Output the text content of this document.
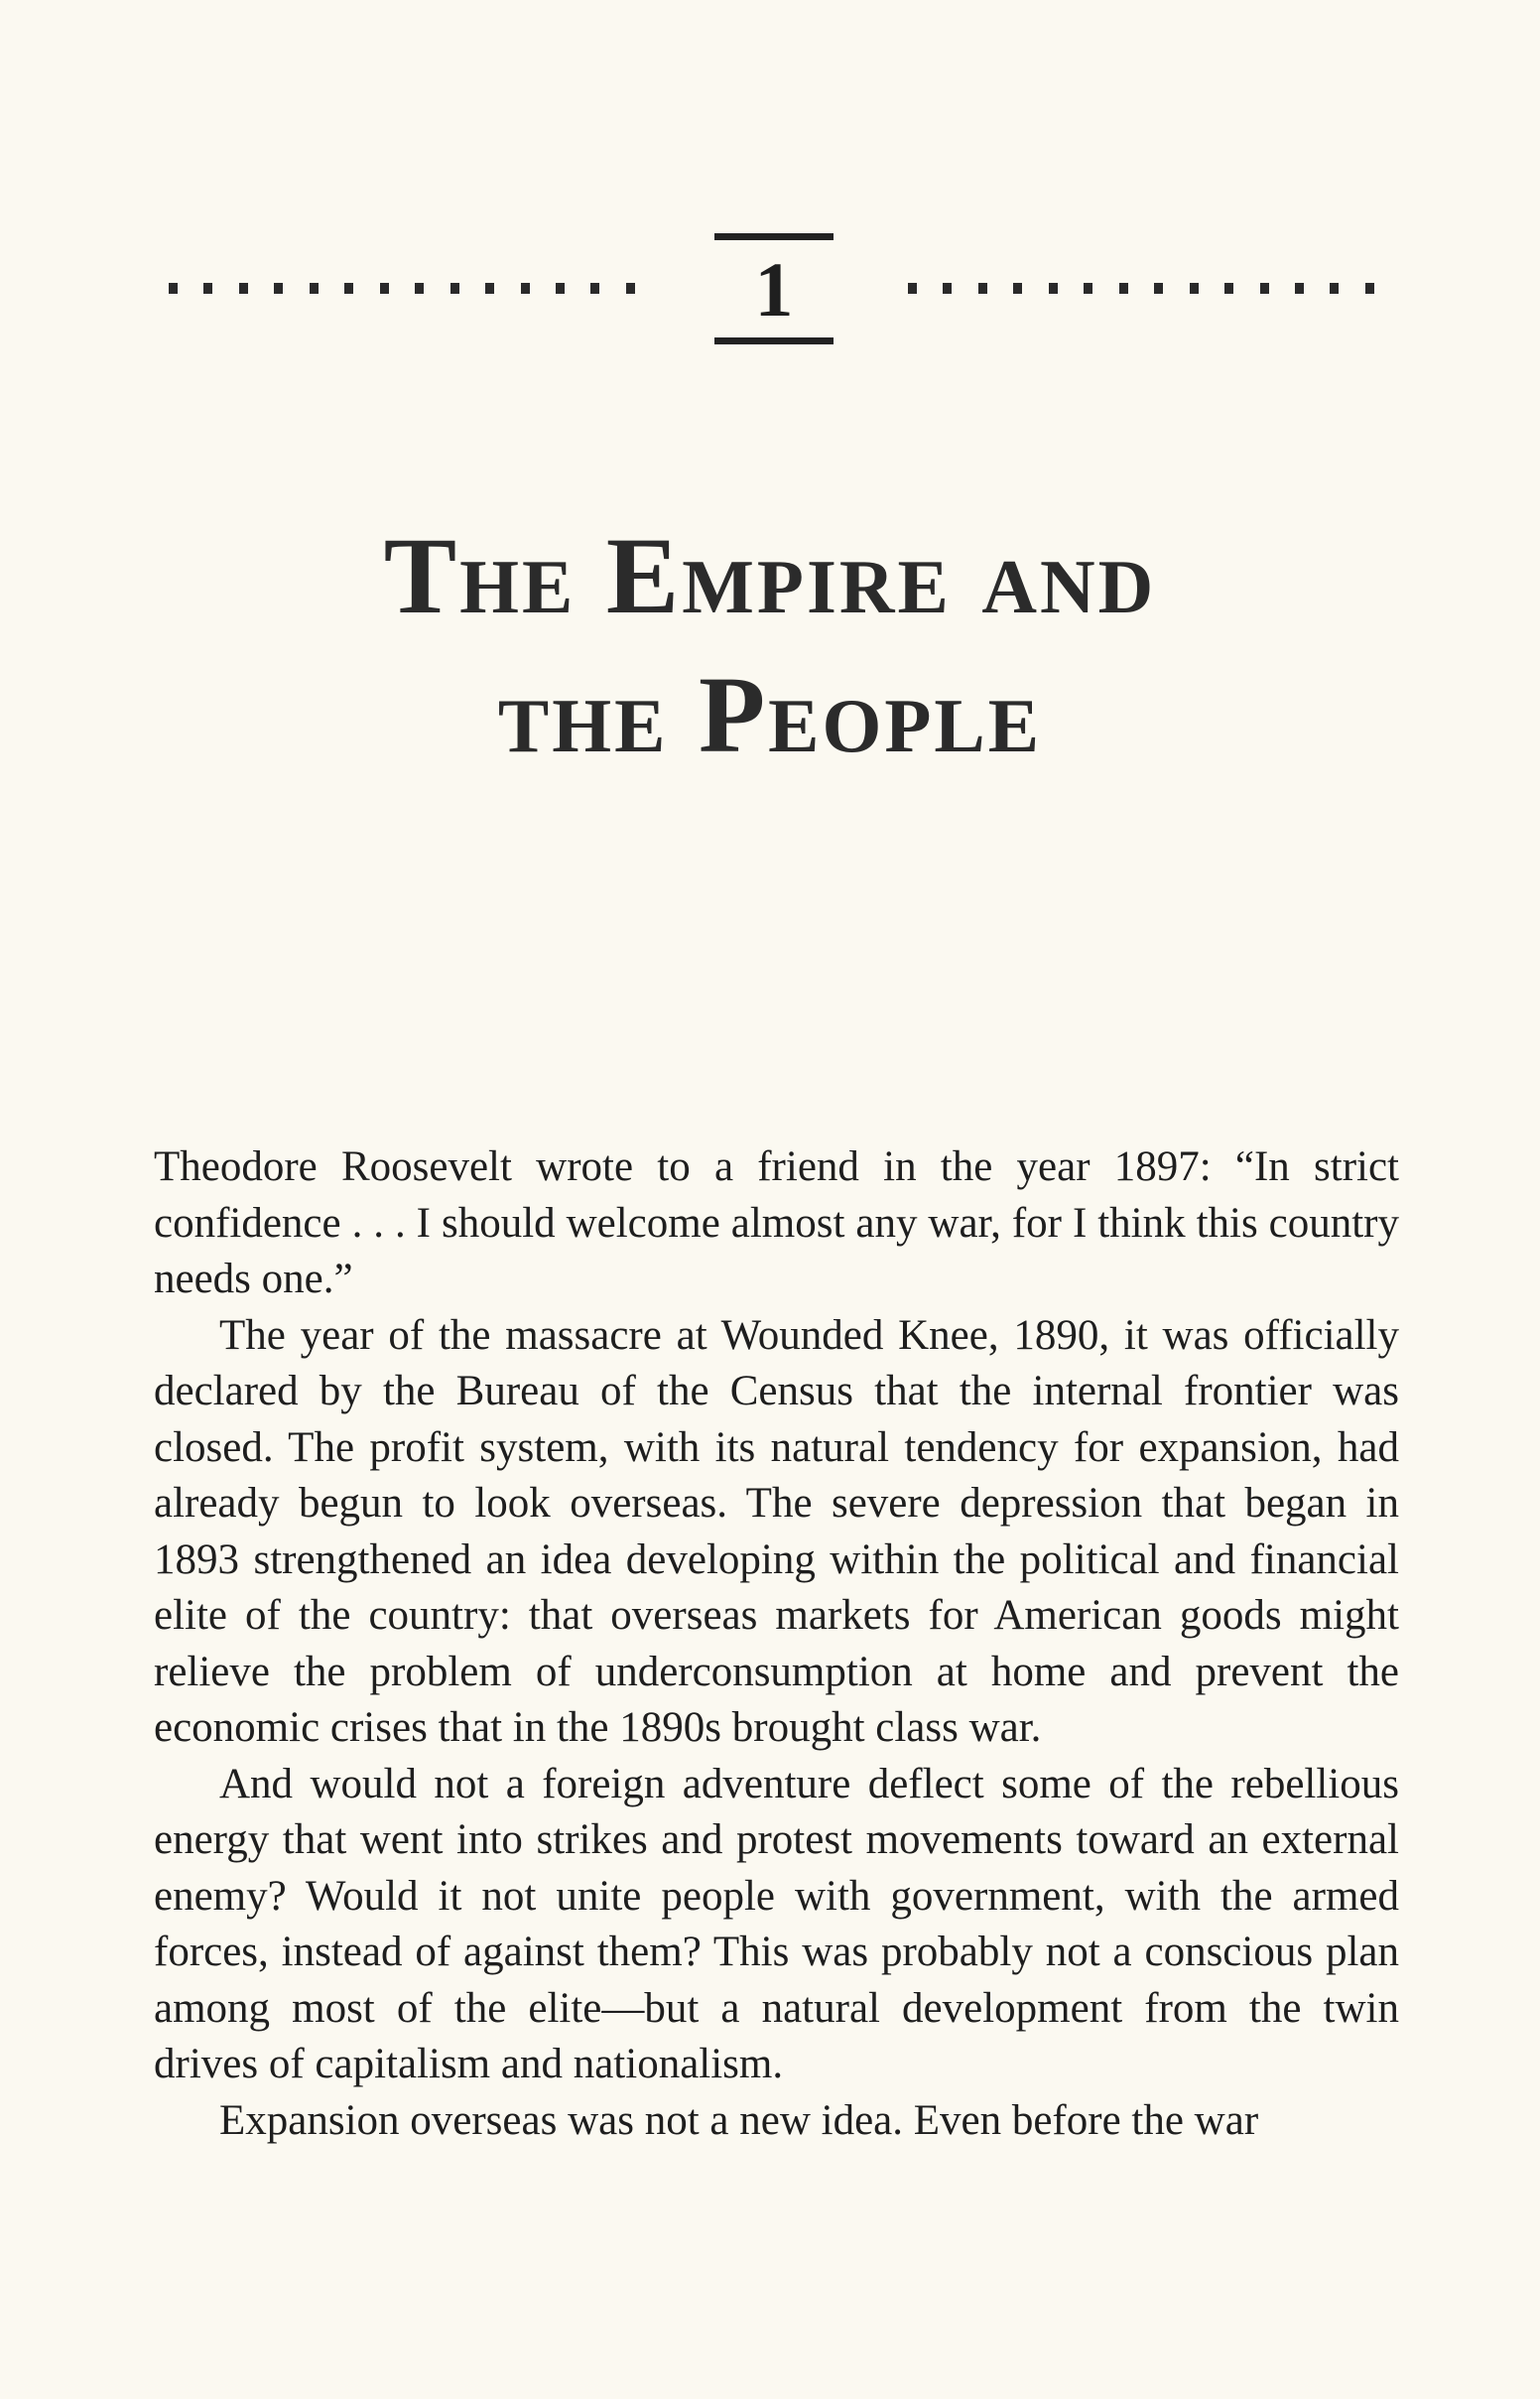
1
The Empire and
the People

Theodore Roosevelt wrote to a friend in the year 1897: “In strict confidence . . . I should welcome almost any war, for I think this country needs one.”

The year of the massacre at Wounded Knee, 1890, it was officially declared by the Bureau of the Census that the internal frontier was closed. The profit system, with its natural tendency for expansion, had already begun to look overseas. The severe depression that began in 1893 strengthened an idea developing within the political and financial elite of the country: that overseas markets for American goods might relieve the problem of underconsumption at home and prevent the economic crises that in the 1890s brought class war.

And would not a foreign adventure deflect some of the rebellious energy that went into strikes and protest movements toward an external enemy? Would it not unite people with government, with the armed forces, instead of against them? This was probably not a conscious plan among most of the elite—but a natural development from the twin drives of capitalism and nationalism.

Expansion overseas was not a new idea. Even before the war
